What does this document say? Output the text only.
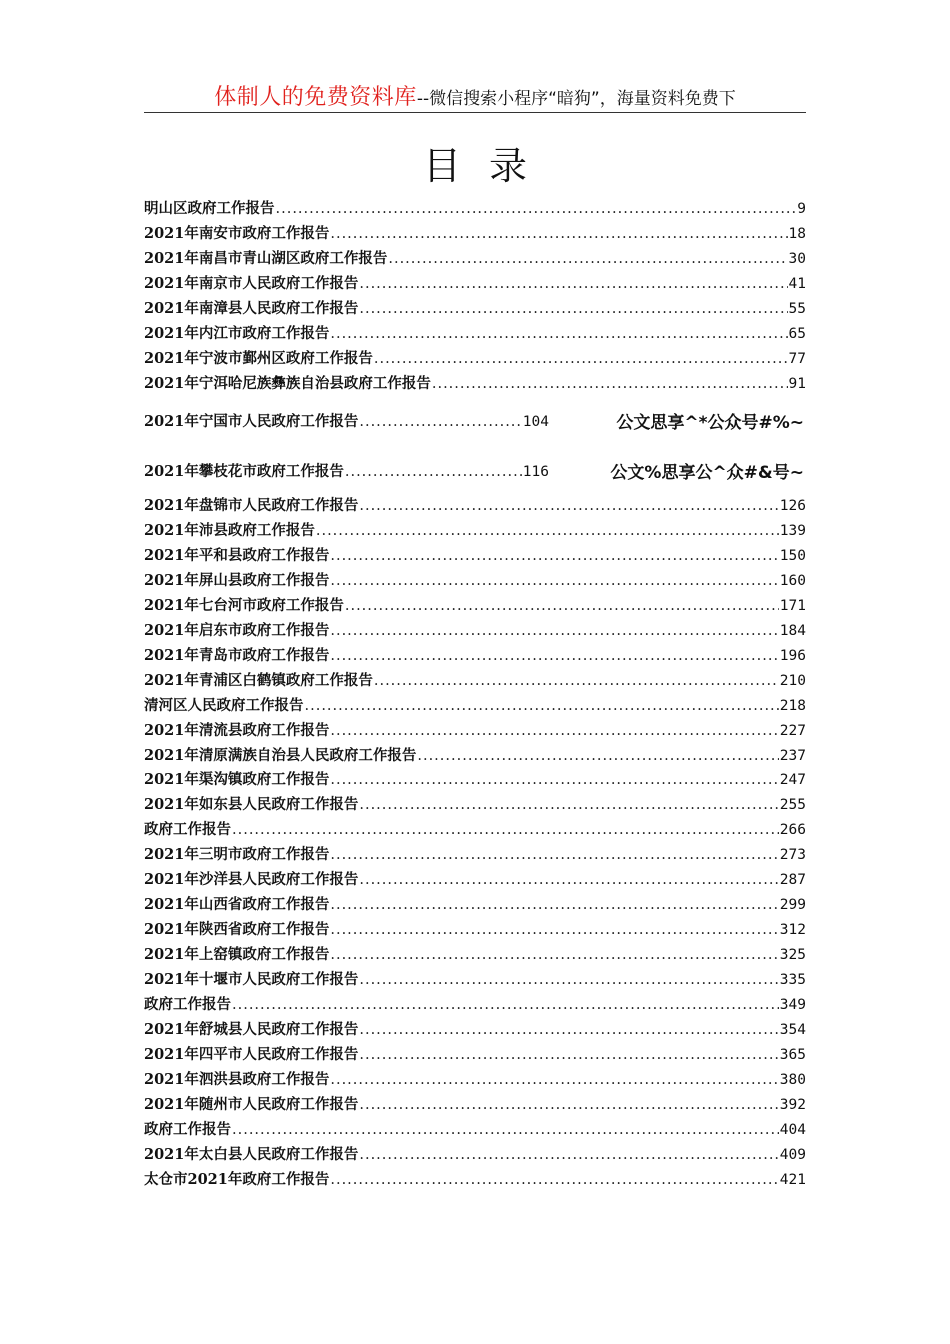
体制人的免费资料库--微信搜索小程序“暗狗”，海量资料免费下
目录
明山区政府工作报告 .....	9
2021年南安市政府工作报告 .....	18
2021年南昌市青山湖区政府工作报告 .....	30
2021年南京市人民政府工作报告 .....	41
2021年南漳县人民政府工作报告 .....	55
2021年内江市政府工作报告 .....	65
2021年宁波市鄞州区政府工作报告 .....	77
2021年宁洱哈尼族彝族自治县政府工作报告 .....	91
2021年宁国市人民政府工作报告 .....	104
2021年攀枝花市政府工作报告 .....	116
2021年盘锦市人民政府工作报告 .....	126
2021年沛县政府工作报告 .....	139
2021年平和县政府工作报告 .....	150
2021年屏山县政府工作报告 .....	160
2021年七台河市政府工作报告 .....	171
2021年启东市政府工作报告 .....	184
2021年青岛市政府工作报告 .....	196
2021年青浦区白鹤镇政府工作报告 .....	210
清河区人民政府工作报告 .....	218
2021年清流县政府工作报告 .....	227
2021年清原满族自治县人民政府工作报告 .....	237
2021年渠沟镇政府工作报告 .....	247
2021年如东县人民政府工作报告 .....	255
政府工作报告 .....	266
2021年三明市政府工作报告 .....	273
2021年沙洋县人民政府工作报告 .....	287
2021年山西省政府工作报告 .....	299
2021年陕西省政府工作报告 .....	312
2021年上窑镇政府工作报告 .....	325
2021年十堰市人民政府工作报告 .....	335
政府工作报告 .....	349
2021年舒城县人民政府工作报告 .....	354
2021年四平市人民政府工作报告 .....	365
2021年泗洪县政府工作报告 .....	380
2021年随州市人民政府工作报告 .....	392
政府工作报告 .....	404
2021年太白县人民政府工作报告 .....	409
太仓市2021年政府工作报告 .....	421
公文思享^*公众号#%~
公文%思享公^众#&号~
